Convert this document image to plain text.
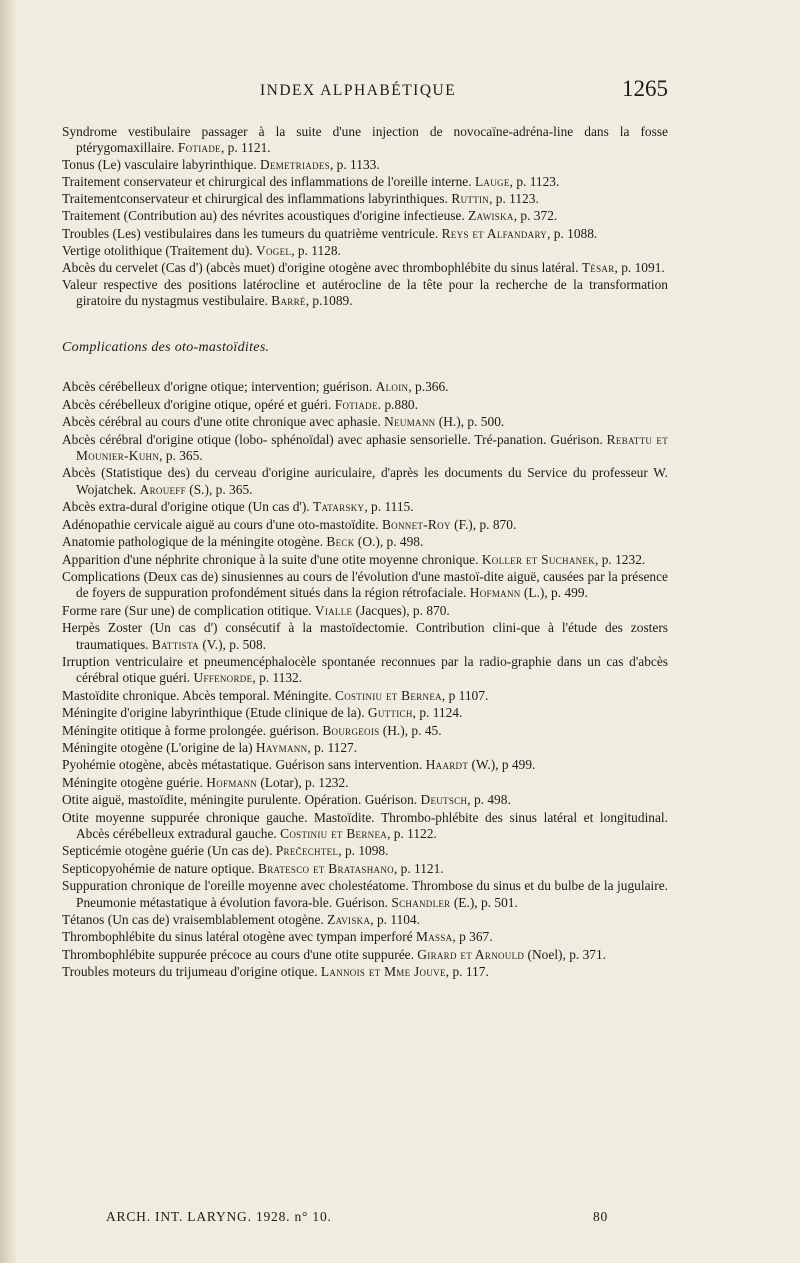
INDEX ALPHABÉTIQUE	1265

Syndrome vestibulaire passager à la suite d'une injection de novocaïne-adréna-line dans la fosse ptérygomaxillaire. Fotiade, p. 1121.

Tonus (Le) vasculaire labyrinthique. Demetriades, p. 1133.

Traitement conservateur et chirurgical des inflammations de l'oreille interne. Lauge, p. 1123.

Traitementconservateur et chirurgical des inflammations labyrinthiques. Ruttin, p. 1123.

Traitement (Contribution au) des névrites acoustiques d'origine infectieuse. Zawiska, p. 372.

Troubles (Les) vestibulaires dans les tumeurs du quatrième ventricule. Reys et Alfandary, p. 1088.

Vertige otolithique (Traitement du). Vogel, p. 1128.

Abcès du cervelet (Cas d') (abcès muet) d'origine otogène avec thrombophlébite du sinus latéral. Tésar, p. 1091.

Valeur respective des positions latérocline et autérocline de la tête pour la recherche de la transformation giratoire du nystagmus vestibulaire. Barré, p.1089.

Complications des oto-mastoïdites.

Abcès cérébelleux d'origne otique; intervention; guérison. Aloin, p.366.

Abcès cérébelleux d'origine otique, opéré et guéri. Fotiade. p.880.

Abcès cérébral au cours d'une otite chronique avec aphasie. Neumann (H.), p. 500.

Abcès cérébral d'origine otique (lobo- sphénoïdal) avec aphasie sensorielle. Tré-panation. Guérison. Rebattu et Mounier-Kuhn, p. 365.

Abcès (Statistique des) du cerveau d'origine auriculaire, d'après les documents du Service du professeur W. Wojatchek. Aroueff (S.), p. 365.

Abcès extra-dural d'origine otique (Un cas d'). Tatarsky, p. 1115.

Adénopathie cervicale aiguë au cours d'une oto-mastoïdite. Bonnet-Roy (F.), p. 870.

Anatomie pathologique de la méningite otogène. Beck (O.), p. 498.

Apparition d'une néphrite chronique à la suite d'une otite moyenne chronique. Koller et Suchanek, p. 1232.

Complications (Deux cas de) sinusiennes au cours de l'évolution d'une mastoï-dite aiguë, causées par la présence de foyers de suppuration profondément situés dans la région rétrofaciale. Hofmann (L.), p. 499.

Forme rare (Sur une) de complication otitique. Vialle (Jacques), p. 870.

Herpès Zoster (Un cas d') consécutif à la mastoïdectomie. Contribution clini-que à l'étude des zosters traumatiques. Battista (V.), p. 508.

Irruption ventriculaire et pneumencéphalocèle spontanée reconnues par la radio-graphie dans un cas d'abcès cérébral otique guéri. Uffenorde, p. 1132.

Mastoïdite chronique. Abcès temporal. Méningite. Costiniu et Bernea, p 1107.

Méningite d'origine labyrinthique (Etude clinique de la). Guttich, p. 1124.

Méningite otitique à forme prolongée. guérison. Bourgeois (H.), p. 45.

Méningite otogène (L'origine de la) Haymann, p. 1127.

Pyohémie otogène, abcès métastatique. Guérison sans intervention. Haardt (W.), p 499.

Méningite otogène guérie. Hofmann (Lotar), p. 1232.

Otite aiguë, mastoïdite, méningite purulente. Opération. Guérison. Deutsch, p. 498.

Otite moyenne suppurée chronique gauche. Mastoïdite. Thrombo-phlébite des sinus latéral et longitudinal. Abcès cérébelleux extradural gauche. Costiniu et Bernea, p. 1122.

Septicémie otogène guérie (Un cas de). Prečechtel, p. 1098.

Septicopyohémie de nature optique. Bratesco et Bratashano, p. 1121.

Suppuration chronique de l'oreille moyenne avec cholestéatome. Thrombose du sinus et du bulbe de la jugulaire. Pneumonie métastatique à évolution favora-ble. Guérison. Schandler (E.), p. 501.

Tétanos (Un cas de) vraisemblablement otogène. Zaviska, p. 1104.

Thrombophlébite du sinus latéral otogène avec tympan imperforé Massa, p 367.

Thrombophlébite suppurée précoce au cours d'une otite suppurée. Girard et Arnould (Noel), p. 371.

Troubles moteurs du trijumeau d'origine otique. Lannois et Mme Jouve, p. 117.

ARCH. INT. LARYNG. 1928. n° 10.	80
